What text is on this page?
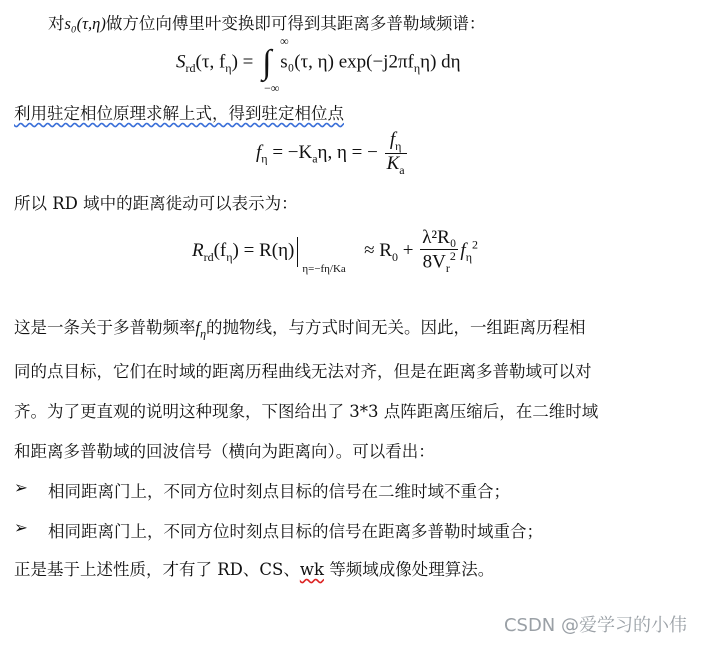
对s₀(τ,η)做方位向傅里叶变换即可得到其距离多普勒域频谱：
$S_{rd}(\tau$, $f_\eta$) = ∫
∞
−∞
s₀(τ, η) $\exp(-j2\pi f_\eta\eta)$ dη
利用驻定相位原理求解上式，得到驻定相位点
$f_\eta = -K_a\eta$, η = − $\frac{f_\eta}{K_a}$
所以 RD 域中的距离徙动可以表示为：
$R_{rd}(f_\eta) = R(\eta)$
η=−fη/Ka
≈ $R_0 + \frac{\text{λ²R₀}}{8V_r^2} f_\eta^2$
这是一条关于多普勒频率$f_\eta$的抛物线，与方式时间无关。因此，一组距离历程相
同的点目标，它们在时域的距离历程曲线无法对齐，但是在距离多普勒域可以对
齐。为了更直观的说明这种现象，下图给出了 3*3 点阵距离压缩后，在二维时域
和距离多普勒域的回波信号（横向为距离向）。可以看出：
➢ 相同距离门上，不同方位时刻点目标的信号在二维时域不重合；
➢ 相同距离门上，不同方位时刻点目标的信号在距离多普勒时域重合；
正是基于上述性质，才有了 RD、CS、wk 等频域成像处理算法。
CSDN @爱学习的小伟
